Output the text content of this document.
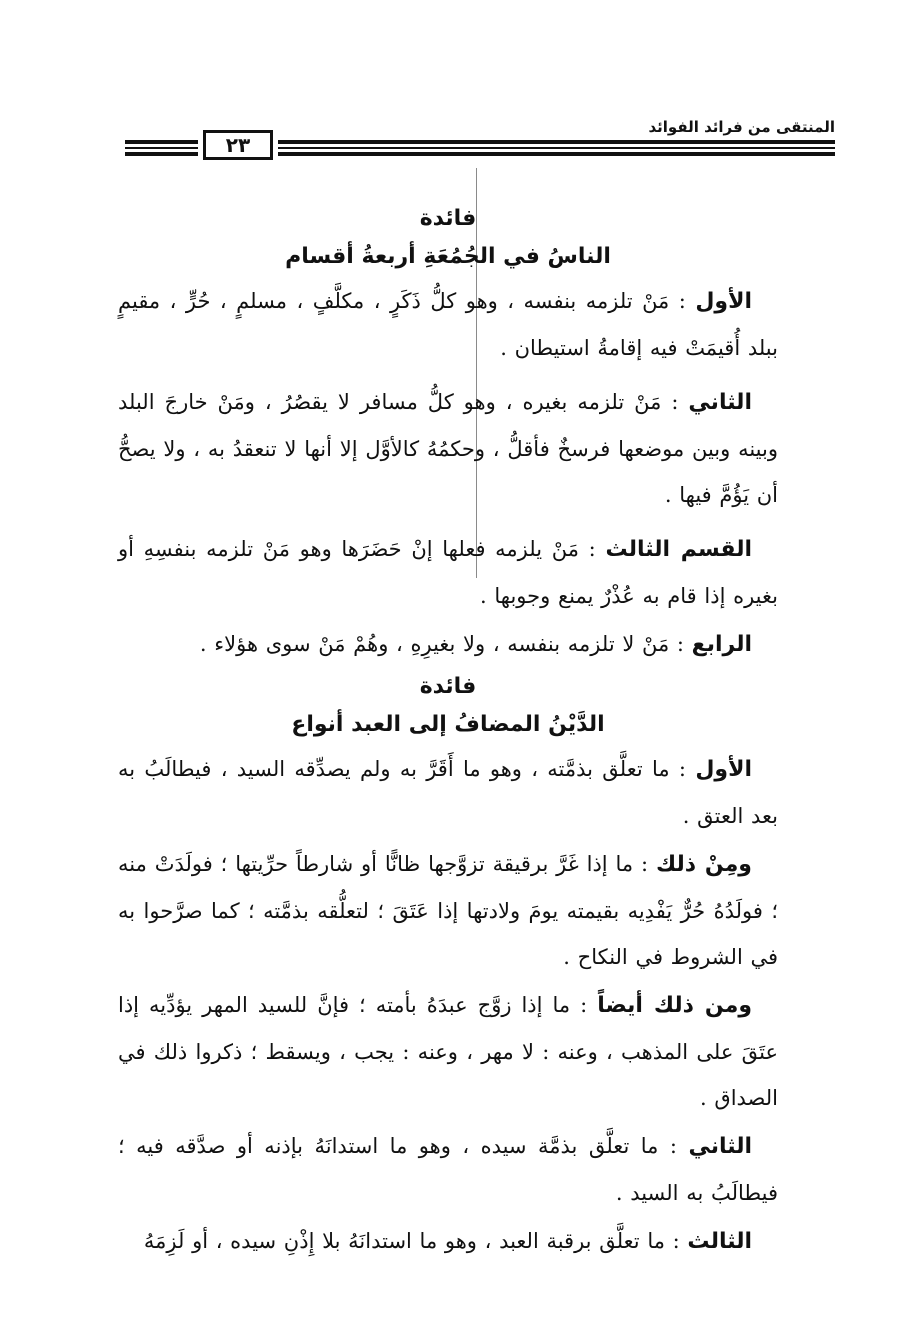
المنتقى من فرائد الفوائد
٢٣

فائدة

الناسُ في الجُمُعَةِ أربعةُ أقسام

الأول : مَنْ تلزمه بنفسه ، وهو كلُّ ذَكَرٍ ، مكلَّفٍ ، مسلمٍ ، حُرٍّ ، مقيمٍ ببلد أُقيمَتْ فيه إقامةُ استيطان .

الثاني : مَنْ تلزمه بغيره ، وهو كلُّ مسافر لا يقصُرُ ، ومَنْ خارجَ البلد وبينه وبين موضعها فرسخٌ فأقلُّ ، وحكمُهُ كالأوَّل إلا أنها لا تنعقدُ به ، ولا يصحُّ أن يَؤُمَّ فيها .

القسم الثالث : مَنْ يلزمه فعلها إنْ حَضَرَها وهو مَنْ تلزمه بنفسِهِ أو بغيره إذا قام به عُذْرٌ يمنع وجوبها .

الرابع : مَنْ لا تلزمه بنفسه ، ولا بغيرِهِ ، وهُمْ مَنْ سوى هؤلاء .

فائدة

الدَّيْنُ المضافُ إلى العبد أنواع

الأول : ما تعلَّق بذمَّته ، وهو ما أَقَرَّ به ولم يصدِّقه السيد ، فيطالَبُ به بعد العتق .

ومِنْ ذلك : ما إذا غَرَّ برقيقة تزوَّجها ظانًّا أو شارطاً حرِّيتها ؛ فولَدَتْ منه ؛ فولَدُهُ حُرٌّ يَفْدِيه بقيمته يومَ ولادتها إذا عَتَقَ ؛ لتعلُّقه بذمَّته ؛ كما صرَّحوا به في الشروط في النكاح .

ومن ذلك أيضاً : ما إذا زوَّج عبدَهُ بأمته ؛ فإنَّ للسيد المهر يؤدِّيه إذا عتَقَ على المذهب ، وعنه : لا مهر ، وعنه : يجب ، ويسقط ؛ ذكروا ذلك في الصداق .

الثاني : ما تعلَّق بذمَّة سيده ، وهو ما استدانَهُ بإذنه أو صدَّقه فيه ؛ فيطالَبُ به السيد .

الثالث : ما تعلَّق برقبة العبد ، وهو ما استدانَهُ بلا إِذْنِ سيده ، أو لَزِمَهُ
